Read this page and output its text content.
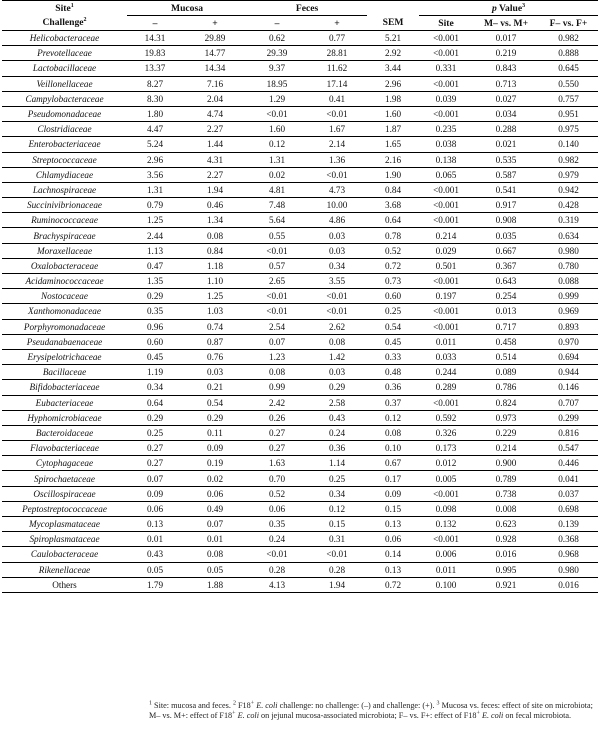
Site$^1$	Mucosa		Feces			p Value$^3$
Challenge$^2$	–	+	–	+	SEM	Site	M– vs. M+	F– vs. F+
Helicobacteraceae	14.31	29.89	0.62	0.77	5.21	<0.001	0.017	0.982
Prevotellaceae	19.83	14.77	29.39	28.81	2.92	<0.001	0.219	0.888
Lactobacillaceae	13.37	14.34	9.37	11.62	3.44	0.331	0.843	0.645
Veillonellaceae	8.27	7.16	18.95	17.14	2.96	<0.001	0.713	0.550
Campylobacteraceae	8.30	2.04	1.29	0.41	1.98	0.039	0.027	0.757
Pseudomonadaceae	1.80	4.74	<0.01	<0.01	1.60	<0.001	0.034	0.951
Clostridiaceae	4.47	2.27	1.60	1.67	1.87	0.235	0.288	0.975
Enterobacteriaceae	5.24	1.44	0.12	2.14	1.65	0.038	0.021	0.140
Streptococcaceae	2.96	4.31	1.31	1.36	2.16	0.138	0.535	0.982
Chlamydiaceae	3.56	2.27	0.02	<0.01	1.90	0.065	0.587	0.979
Lachnospiraceae	1.31	1.94	4.81	4.73	0.84	<0.001	0.541	0.942
Succinivibrionaceae	0.79	0.46	7.48	10.00	3.68	<0.001	0.917	0.428
Ruminococcaceae	1.25	1.34	5.64	4.86	0.64	<0.001	0.908	0.319
Brachyspiraceae	2.44	0.08	0.55	0.03	0.78	0.214	0.035	0.634
Moraxellaceae	1.13	0.84	<0.01	0.03	0.52	0.029	0.667	0.980
Oxalobacteraceae	0.47	1.18	0.57	0.34	0.72	0.501	0.367	0.780
Acidaminococcaceae	1.35	1.10	2.65	3.55	0.73	<0.001	0.643	0.088
Nostocaceae	0.29	1.25	<0.01	<0.01	0.60	0.197	0.254	0.999
Xanthomonadaceae	0.35	1.03	<0.01	<0.01	0.25	<0.001	0.013	0.969
Porphyromonadaceae	0.96	0.74	2.54	2.62	0.54	<0.001	0.717	0.893
Pseudanabaenaceae	0.60	0.87	0.07	0.08	0.45	0.011	0.458	0.970
Erysipelotrichaceae	0.45	0.76	1.23	1.42	0.33	0.033	0.514	0.694
Bacillaceae	1.19	0.03	0.08	0.03	0.48	0.244	0.089	0.944
Bifidobacteriaceae	0.34	0.21	0.99	0.29	0.36	0.289	0.786	0.146
Eubacteriaceae	0.64	0.54	2.42	2.58	0.37	<0.001	0.824	0.707
Hyphomicrobiaceae	0.29	0.29	0.26	0.43	0.12	0.592	0.973	0.299
Bacteroidaceae	0.25	0.11	0.27	0.24	0.08	0.326	0.229	0.816
Flavobacteriaceae	0.27	0.09	0.27	0.36	0.10	0.173	0.214	0.547
Cytophagaceae	0.27	0.19	1.63	1.14	0.67	0.012	0.900	0.446
Spirochaetaceae	0.07	0.02	0.70	0.25	0.17	0.005	0.789	0.041
Oscillospiraceae	0.09	0.06	0.52	0.34	0.09	<0.001	0.738	0.037
Peptostreptococcaceae	0.06	0.49	0.06	0.12	0.15	0.098	0.008	0.698
Mycoplasmataceae	0.13	0.07	0.35	0.15	0.13	0.132	0.623	0.139
Spiroplasmataceae	0.01	0.01	0.24	0.31	0.06	<0.001	0.928	0.368
Caulobacteraceae	0.43	0.08	<0.01	<0.01	0.14	0.006	0.016	0.968
Rikenellaceae	0.05	0.05	0.28	0.28	0.13	0.011	0.995	0.980
Others	1.79	1.88	4.13	1.94	0.72	0.100	0.921	0.016
$^1$ Site: mucosa and feces. $^2$ F18+ E. coli challenge: no challenge: (–) and challenge: (+). $^3$ Mucosa vs. feces: effect of site on microbiota; M– vs. M+: effect of F18+ E. coli on jejunal mucosa-associated microbiota; F– vs. F+: effect of F18+ E. coli on fecal microbiota.
